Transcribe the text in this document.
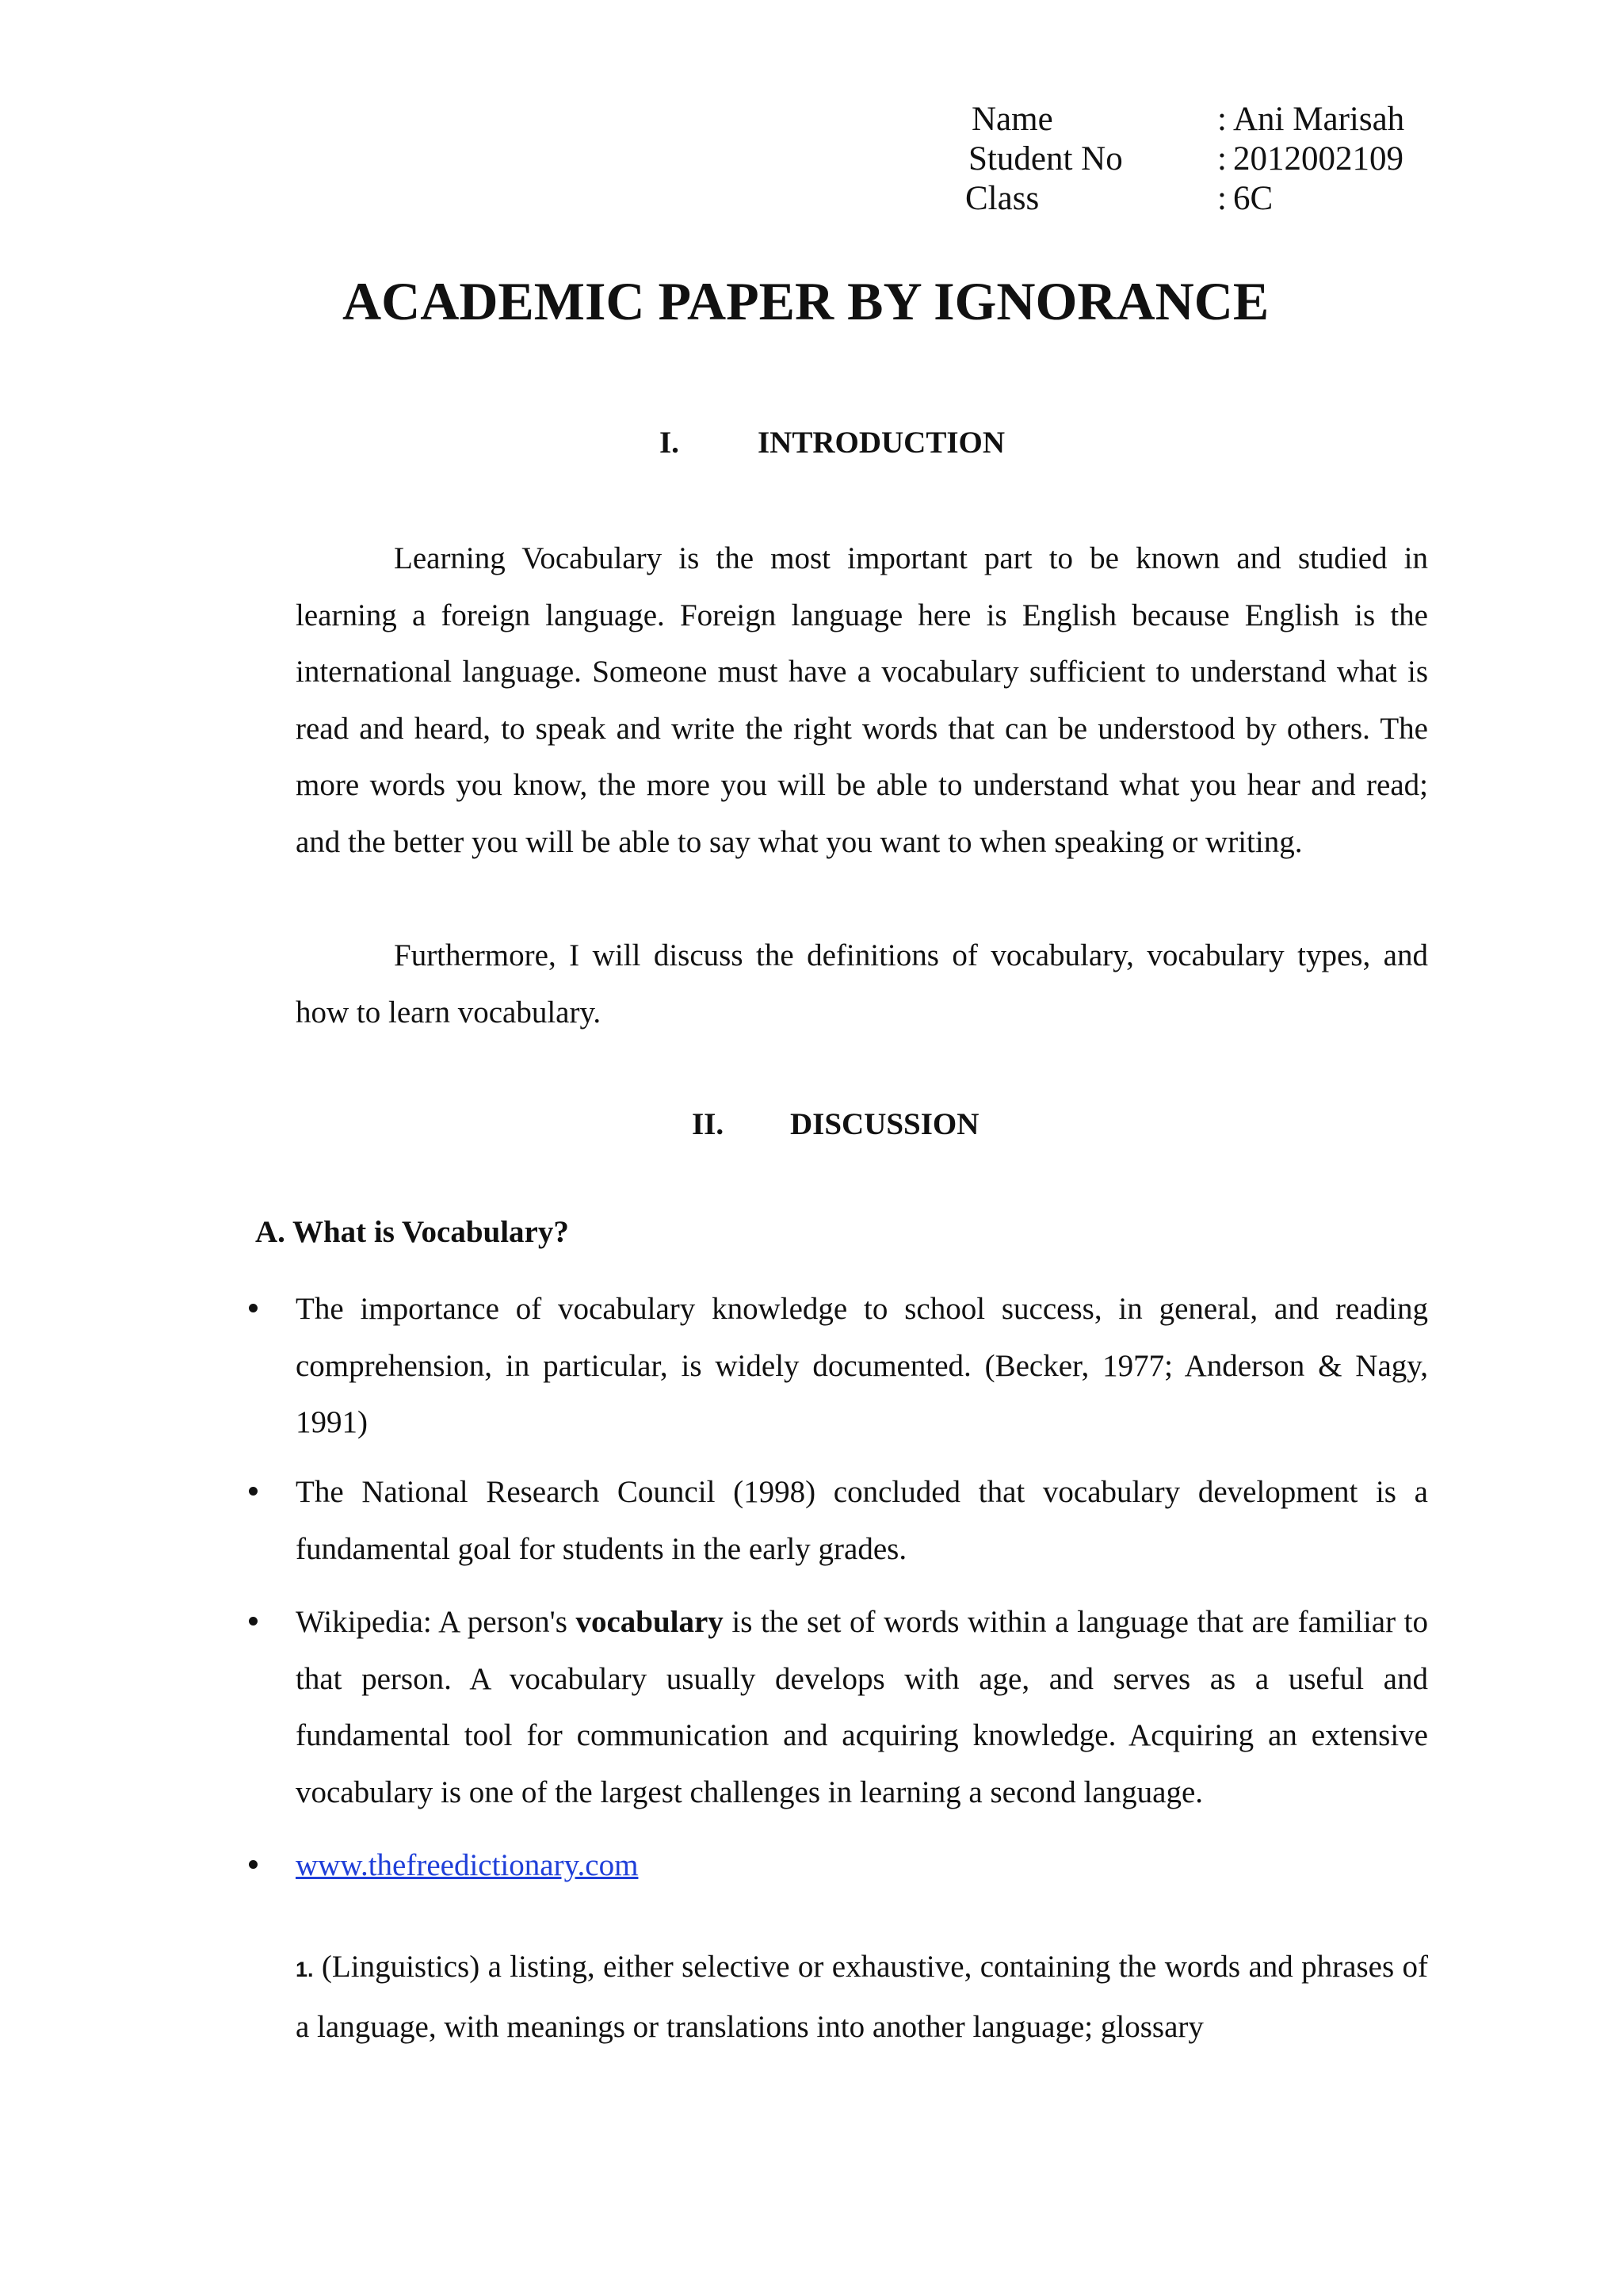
Name	: Ani Marisah
Student No	: 2012002109
Class	: 6C
ACADEMIC PAPER BY IGNORANCE
I.	INTRODUCTION

Learning Vocabulary is the most important part to be known and studied in learning a foreign language. Foreign language here is English because English is the international language. Someone must have a vocabulary sufficient to understand what is read and heard, to speak and write the right words that can be understood by others. The more words you know, the more you will be able to understand what you hear and read; and the better you will be able to say what you want to when speaking or writing.

Furthermore, I will discuss the definitions of vocabulary, vocabulary types, and how to learn vocabulary.

II. DISCUSSION
A. What is Vocabulary?

The importance of vocabulary knowledge to school success, in general, and reading comprehension, in particular, is widely documented. (Becker, 1977; Anderson & Nagy, 1991)

The National Research Council (1998) concluded that vocabulary development is a fundamental goal for students in the early grades.

Wikipedia: A person's vocabulary is the set of words within a language that are familiar to that person. A vocabulary usually develops with age, and serves as a useful and fundamental tool for communication and acquiring knowledge. Acquiring an extensive vocabulary is one of the largest challenges in learning a second language.

www.thefreedictionary.com

1. (Linguistics) a listing, either selective or exhaustive, containing the words and phrases of a language, with meanings or translations into another language; glossary
